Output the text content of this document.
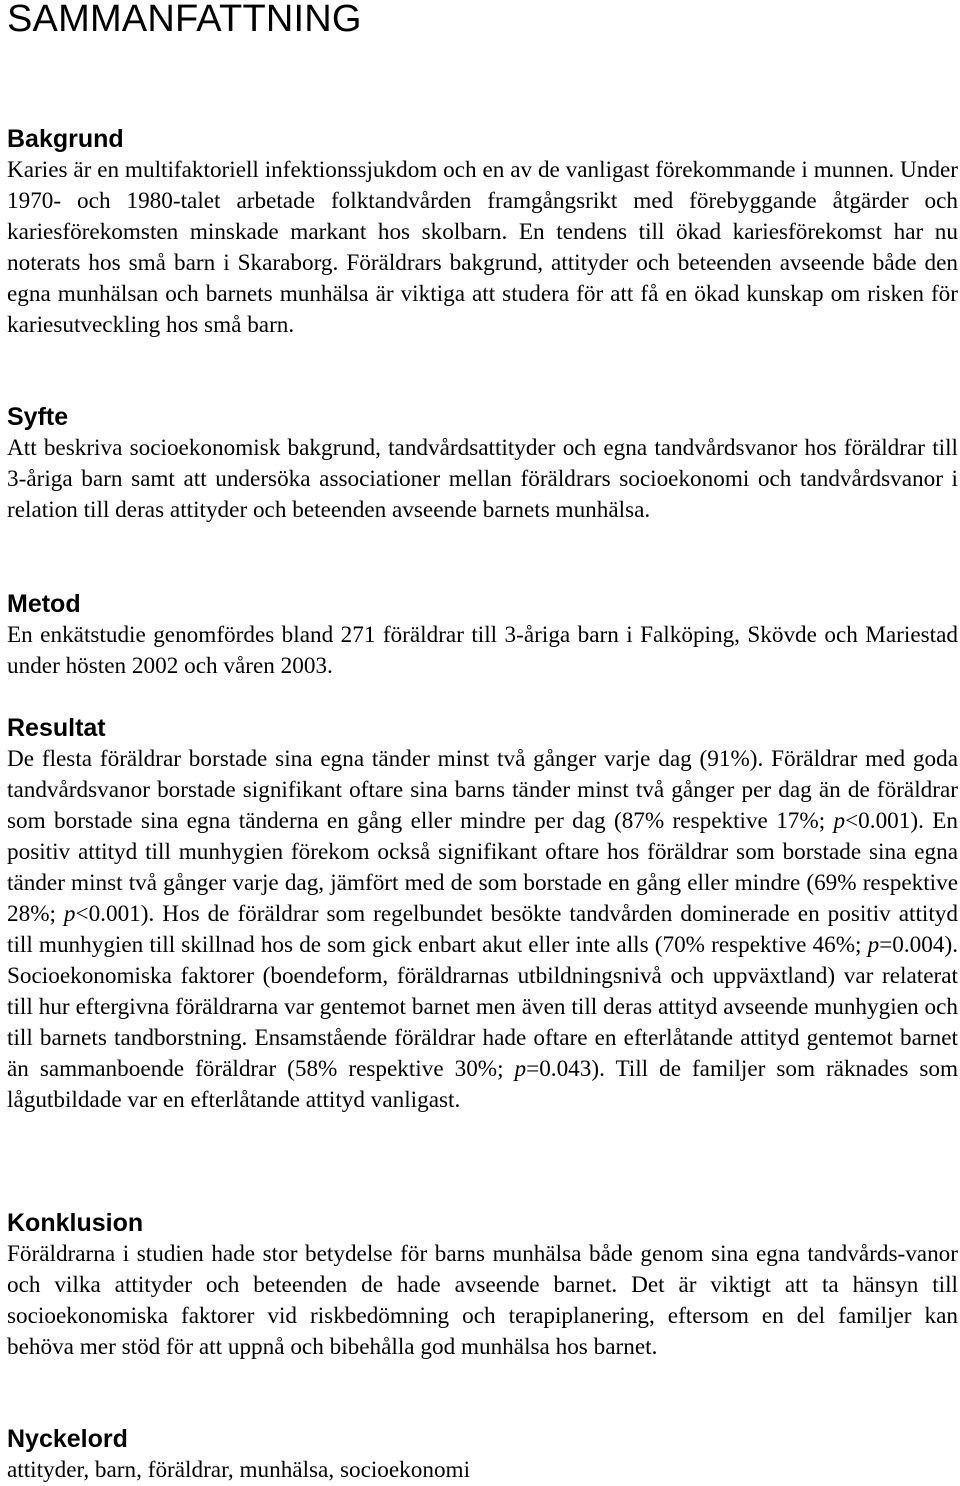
SAMMANFATTNING
Bakgrund

Karies är en multifaktoriell infektionssjukdom och en av de vanligast förekommande i munnen. Under 1970- och 1980-talet arbetade folktandvården framgångsrikt med förebyggande åtgärder och kariesförekomsten minskade markant hos skolbarn. En tendens till ökad kariesförekomst har nu noterats hos små barn i Skaraborg. Föräldrars bakgrund, attityder och beteenden avseende både den egna munhälsan och barnets munhälsa är viktiga att studera för att få en ökad kunskap om risken för kariesutveckling hos små barn.

Syfte

Att beskriva socioekonomisk bakgrund, tandvårdsattityder och egna tandvårdsvanor hos föräldrar till 3-åriga barn samt att undersöka associationer mellan föräldrars socioekonomi och tandvårdsvanor i relation till deras attityder och beteenden avseende barnets munhälsa.

Metod

En enkätstudie genomfördes bland 271 föräldrar till 3-åriga barn i Falköping, Skövde och Mariestad under hösten 2002 och våren 2003.

Resultat

De flesta föräldrar borstade sina egna tänder minst två gånger varje dag (91%). Föräldrar med goda tandvårdsvanor borstade signifikant oftare sina barns tänder minst två gånger per dag än de föräldrar som borstade sina egna tänderna en gång eller mindre per dag (87% respektive 17%; p<0.001). En positiv attityd till munhygien förekom också signifikant oftare hos föräldrar som borstade sina egna tänder minst två gånger varje dag, jämfört med de som borstade en gång eller mindre (69% respektive 28%; p<0.001). Hos de föräldrar som regelbundet besökte tandvården dominerade en positiv attityd till munhygien till skillnad hos de som gick enbart akut eller inte alls (70% respektive 46%; p=0.004). Socioekonomiska faktorer (boendeform, föräldrarnas utbildningsnivå och uppväxtland) var relaterat till hur eftergivna föräldrarna var gentemot barnet men även till deras attityd avseende munhygien och till barnets tandborstning. Ensamstående föräldrar hade oftare en efterlåtande attityd gentemot barnet än sammanboende föräldrar (58% respektive 30%; p=0.043). Till de familjer som räknades som lågutbildade var en efterlåtande attityd vanligast.

Konklusion

Föräldrarna i studien hade stor betydelse för barns munhälsa både genom sina egna tandvårds-vanor och vilka attityder och beteenden de hade avseende barnet. Det är viktigt att ta hänsyn till socioekonomiska faktorer vid riskbedömning och terapiplanering, eftersom en del familjer kan behöva mer stöd för att uppnå och bibehålla god munhälsa hos barnet.

Nyckelord

attityder, barn, föräldrar, munhälsa, socioekonomi
